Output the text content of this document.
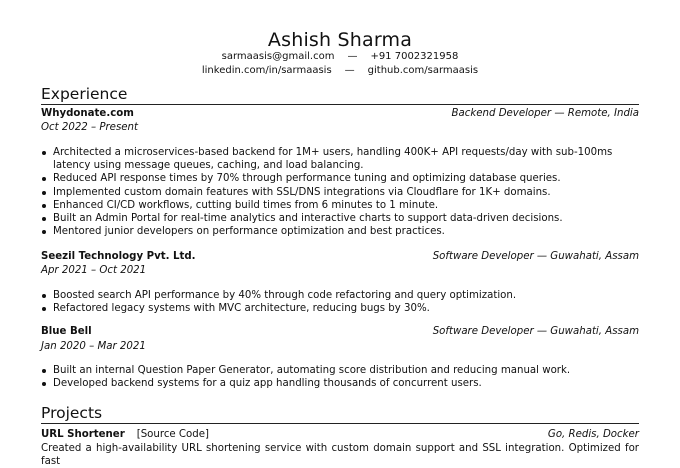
Ashish Sharma
sarmaasis@gmail.com — +91 7002321958
linkedin.com/in/sarmaasis — github.com/sarmaasis
Experience
Whydonate.com	Backend Developer — Remote, India
Oct 2022 – Present
Architected a microservices-based backend for 1M+ users, handling 400K+ API requests/day with sub-100ms latency using message queues, caching, and load balancing.
Reduced API response times by 70% through performance tuning and optimizing database queries.
Implemented custom domain features with SSL/DNS integrations via Cloudflare for 1K+ domains.
Enhanced CI/CD workflows, cutting build times from 6 minutes to 1 minute.
Built an Admin Portal for real-time analytics and interactive charts to support data-driven decisions.
Mentored junior developers on performance optimization and best practices.
Seezil Technology Pvt. Ltd.	Software Developer — Guwahati, Assam
Apr 2021 – Oct 2021
Boosted search API performance by 40% through code refactoring and query optimization.
Refactored legacy systems with MVC architecture, reducing bugs by 30%.
Blue Bell	Software Developer — Guwahati, Assam
Jan 2020 – Mar 2021
Built an internal Question Paper Generator, automating score distribution and reducing manual work.
Developed backend systems for a quiz app handling thousands of concurrent users.
Projects
URL Shortener [Source Code]	Go, Redis, Docker
Created a high-availability URL shortening service with custom domain support and SSL integration. Optimized for fast
